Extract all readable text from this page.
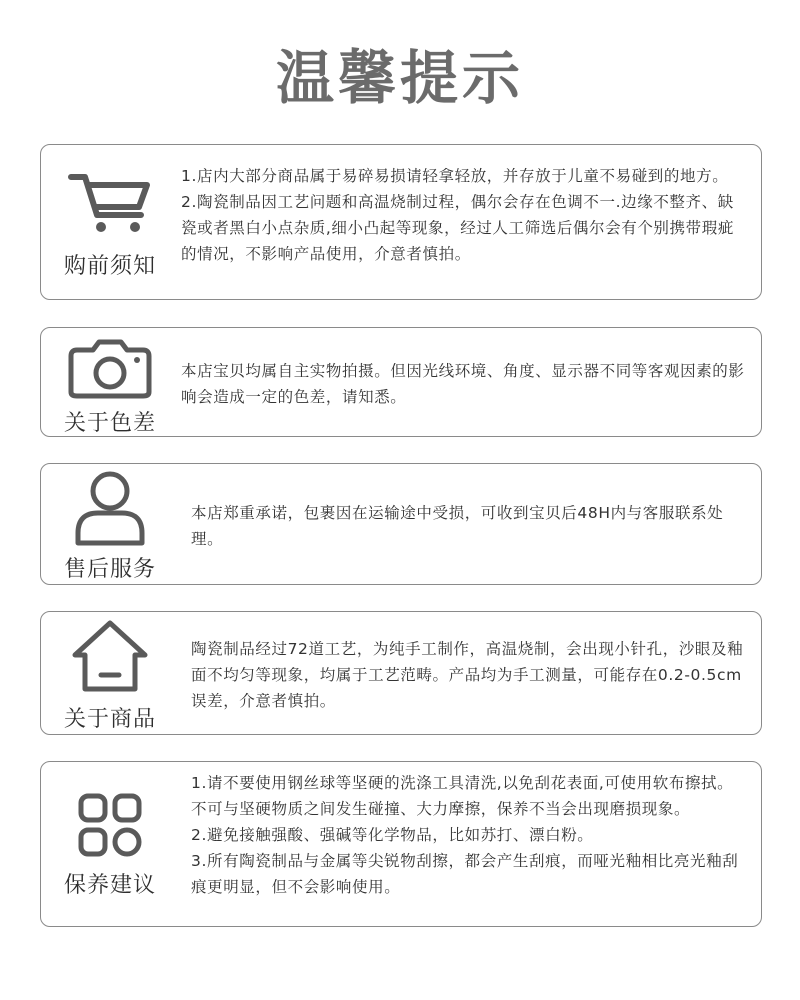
温馨提示
购前须知

1.店内大部分商品属于易碎易损请轻拿轻放，并存放于儿童不易碰到的地方。

2.陶瓷制品因工艺问题和高温烧制过程，偶尔会存在色调不一.边缘不整齐、缺瓷或者黑白小点杂质,细小凸起等现象，经过人工筛选后偶尔会有个别携带瑕疵的情况，不影响产品使用，介意者慎拍。

关于色差

本店宝贝均属自主实物拍摄。但因光线环境、角度、显示器不同等客观因素的影响会造成一定的色差，请知悉。

售后服务

本店郑重承诺，包裹因在运输途中受损，可收到宝贝后48H内与客服联系处理。

关于商品

陶瓷制品经过72道工艺，为纯手工制作，高温烧制，会出现小针孔，沙眼及釉面不均匀等现象，均属于工艺范畴。产品均为手工测量，可能存在0.2-0.5cm误差，介意者慎拍。

保养建议

1.请不要使用钢丝球等坚硬的洗涤工具清洗,以免刮花表面,可使用软布擦拭。不可与坚硬物质之间发生碰撞、大力摩擦，保养不当会出现磨损现象。

2.避免接触强酸、强碱等化学物品，比如苏打、漂白粉。

3.所有陶瓷制品与金属等尖锐物刮擦，都会产生刮痕，而哑光釉相比亮光釉刮痕更明显，但不会影响使用。
